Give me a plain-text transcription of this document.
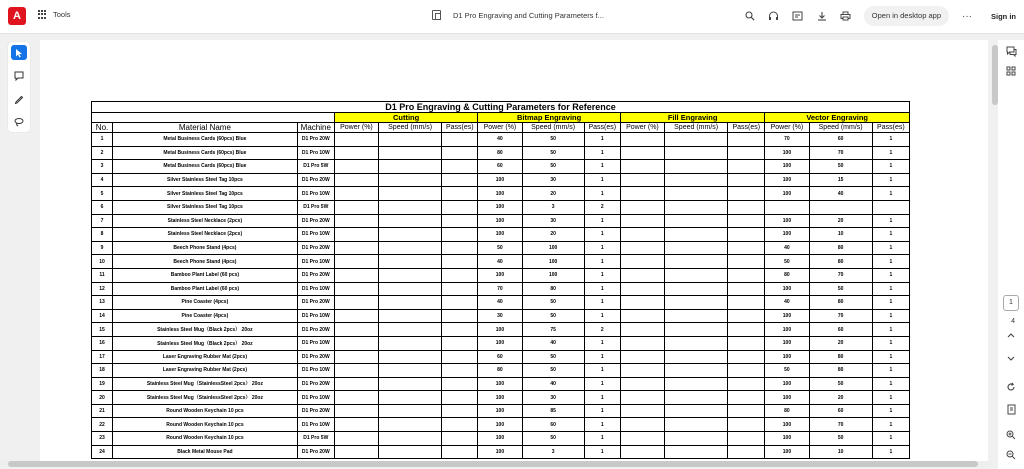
A	Tools	D1 Pro Engraving and Cutting Parameters f...	Open in desktop app	···	Sign in
D1 Pro Engraving & Cutting Parameters for Reference														
			Cutting			Bitmap Engraving			Fill Engraving			Vector Engraving		
No.	Material Name	Machine	Power (%)	Speed (mm/s)	Pass(es)	Power (%)	Speed (mm/s)	Pass(es)	Power (%)	Speed (mm/s)	Pass(es)	Power (%)	Speed (mm/s)	Pass(es)
1	Metal Business Cards (60pcs) Blue	D1 Pro 20W				40	50	1				70	60	1
2	Metal Business Cards (60pcs) Blue	D1 Pro 10W				80	50	1				100	70	1
3	Metal Business Cards (60pcs) Blue	D1 Pro 5W				60	50	1				100	50	1
4	Silver Stainless Steel Tag 10pcs	D1 Pro 20W				100	30	1				100	15	1
5	Silver Stainless Steel Tag 10pcs	D1 Pro 10W				100	20	1				100	40	1
6	Silver Stainless Steel Tag 10pcs	D1 Pro 5W				100	3	2						
7	Stainless Steel Necklace (2pcs)	D1 Pro 20W				100	30	1				100	20	1
8	Stainless Steel Necklace (2pcs)	D1 Pro 10W				100	20	1				100	10	1
9	Beech Phone Stand (4pcs)	D1 Pro 20W				50	100	1				40	80	1
10	Beech Phone Stand (4pcs)	D1 Pro 10W				40	100	1				50	80	1
11	Bamboo Plant Label (60 pcs)	D1 Pro 20W				100	100	1				80	70	1
12	Bamboo Plant Label (60 pcs)	D1 Pro 10W				70	80	1				100	50	1
13	Pine Coaster (4pcs)	D1 Pro 20W				40	50	1				40	80	1
14	Pine Coaster (4pcs)	D1 Pro 10W				30	50	1				100	70	1
15	Stainless Steel Mug（Black 2pcs） 20oz	D1 Pro 20W				100	75	2				100	60	1
16	Stainless Steel Mug（Black 2pcs） 20oz	D1 Pro 10W				100	40	1				100	20	1
17	Laser Engraving Rubber Mat (2pcs)	D1 Pro 20W				60	50	1				100	80	1
18	Laser Engraving Rubber Mat (2pcs)	D1 Pro 10W				80	50	1				50	80	1
19	Stainless Steel Mug（StainlessSteel 2pcs） 20oz	D1 Pro 20W				100	40	1				100	50	1
20	Stainless Steel Mug（StainlessSteel 2pcs） 20oz	D1 Pro 10W				100	30	1				100	20	1
21	Round Wooden Keychain 10 pcs	D1 Pro 20W				100	85	1				80	60	1
22	Round Wooden Keychain 10 pcs	D1 Pro 10W				100	60	1				100	70	1
23	Round Wooden Keychain 10 pcs	D1 Pro 5W				100	50	1				100	50	1
24	Black Metal Mouse Pad	D1 Pro 20W				100	3	1				100	10	1
1
4
